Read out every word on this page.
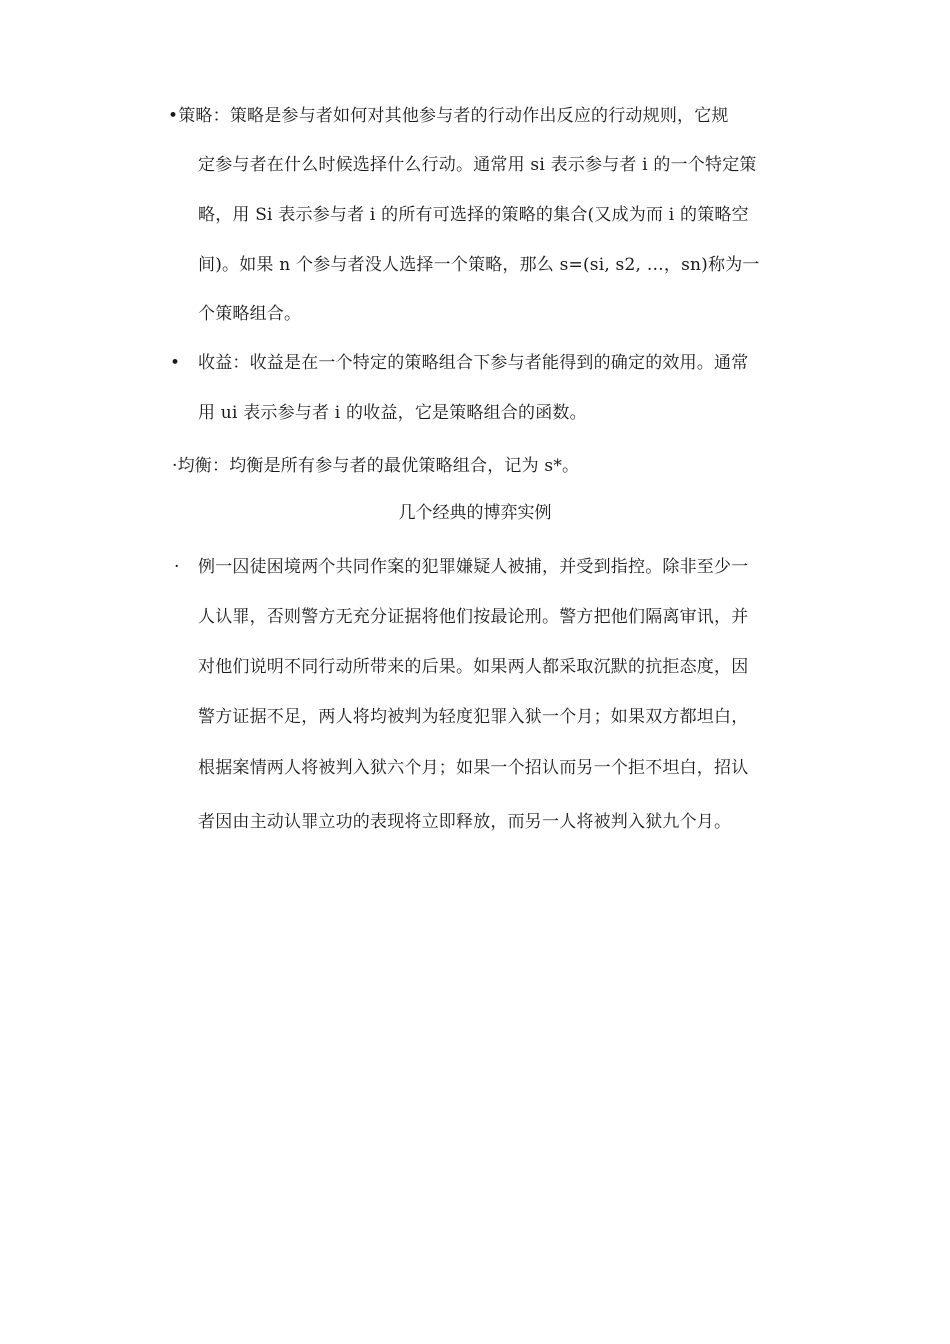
•策略：策略是参与者如何对其他参与者的行动作出反应的行动规则，它规
定参与者在什么时候选择什么行动。通常用 si 表示参与者 i 的一个特定策
略，用 Si 表示参与者 i 的所有可选择的策略的集合(又成为而 i 的策略空
间)。如果 n 个参与者没人选择一个策略，那么 s=(si, s2, …，sn)称为一
个策略组合。
• 收益：收益是在一个特定的策略组合下参与者能得到的确定的效用。通常
用 ui 表示参与者 i 的收益，它是策略组合的函数。
·均衡：均衡是所有参与者的最优策略组合，记为 s*。
几个经典的博弈实例
· 例一囚徒困境两个共同作案的犯罪嫌疑人被捕，并受到指控。除非至少一
人认罪，否则警方无充分证据将他们按最论刑。警方把他们隔离审讯，并
对他们说明不同行动所带来的后果。如果两人都采取沉默的抗拒态度，因
警方证据不足，两人将均被判为轻度犯罪入狱一个月；如果双方都坦白，
根据案情两人将被判入狱六个月；如果一个招认而另一个拒不坦白，招认
者因由主动认罪立功的表现将立即释放，而另一人将被判入狱九个月。
